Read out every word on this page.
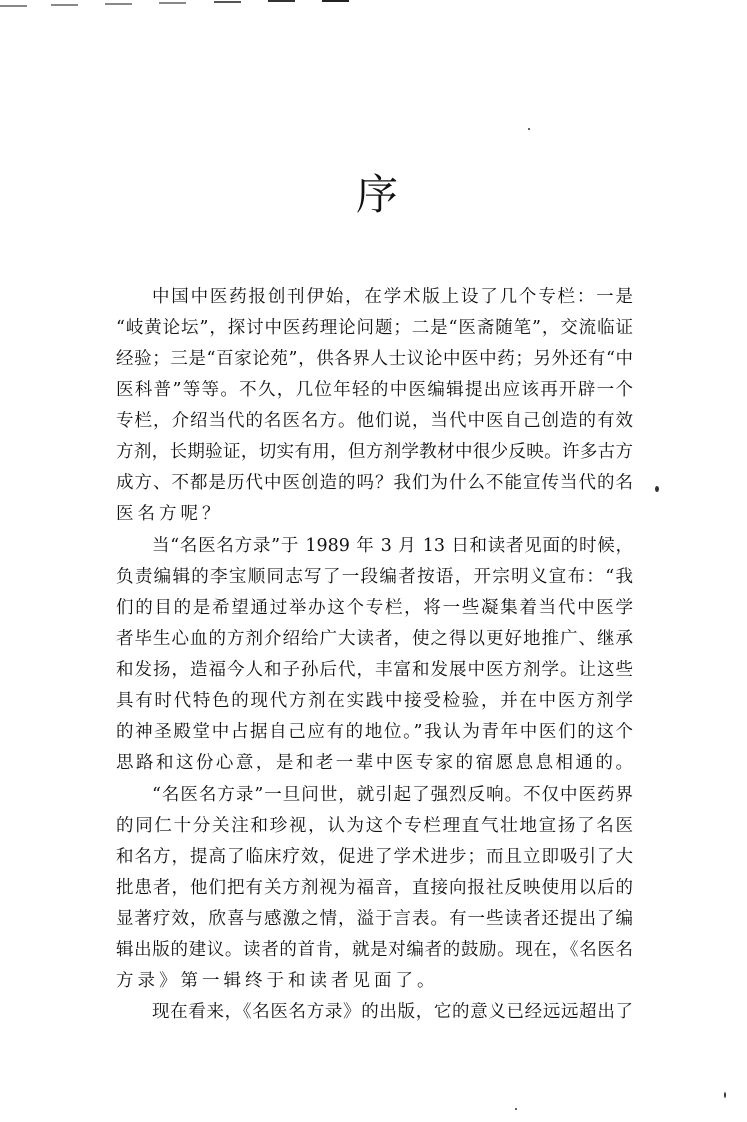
序
中国中医药报创刊伊始，在学术版上设了几个专栏：一是
“岐黄论坛”，探讨中医药理论问题；二是“医斋随笔”，交流临证
经验；三是“百家论苑”，供各界人士议论中医中药；另外还有“中
医科普”等等。不久，几位年轻的中医编辑提出应该再开辟一个
专栏，介绍当代的名医名方。他们说，当代中医自己创造的有效
方剂，长期验证，切实有用，但方剂学教材中很少反映。许多古方
成方、不都是历代中医创造的吗？我们为什么不能宣传当代的名
医名方呢？
当“名医名方录”于 1989 年 3 月 13 日和读者见面的时候，
负责编辑的李宝顺同志写了一段编者按语，开宗明义宣布：“我
们的目的是希望通过举办这个专栏，将一些凝集着当代中医学
者毕生心血的方剂介绍给广大读者，使之得以更好地推广、继承
和发扬，造福今人和子孙后代，丰富和发展中医方剂学。让这些
具有时代特色的现代方剂在实践中接受检验，并在中医方剂学
的神圣殿堂中占据自己应有的地位。”我认为青年中医们的这个
思路和这份心意，是和老一辈中医专家的宿愿息息相通的。
“名医名方录”一旦问世，就引起了强烈反响。不仅中医药界
的同仁十分关注和珍视，认为这个专栏理直气壮地宣扬了名医
和名方，提高了临床疗效，促进了学术进步；而且立即吸引了大
批患者，他们把有关方剂视为福音，直接向报社反映使用以后的
显著疗效，欣喜与感激之情，溢于言表。有一些读者还提出了编
辑出版的建议。读者的首肯，就是对编者的鼓励。现在，《名医名
方录》第一辑终于和读者见面了。
现在看来，《名医名方录》的出版，它的意义已经远远超出了
